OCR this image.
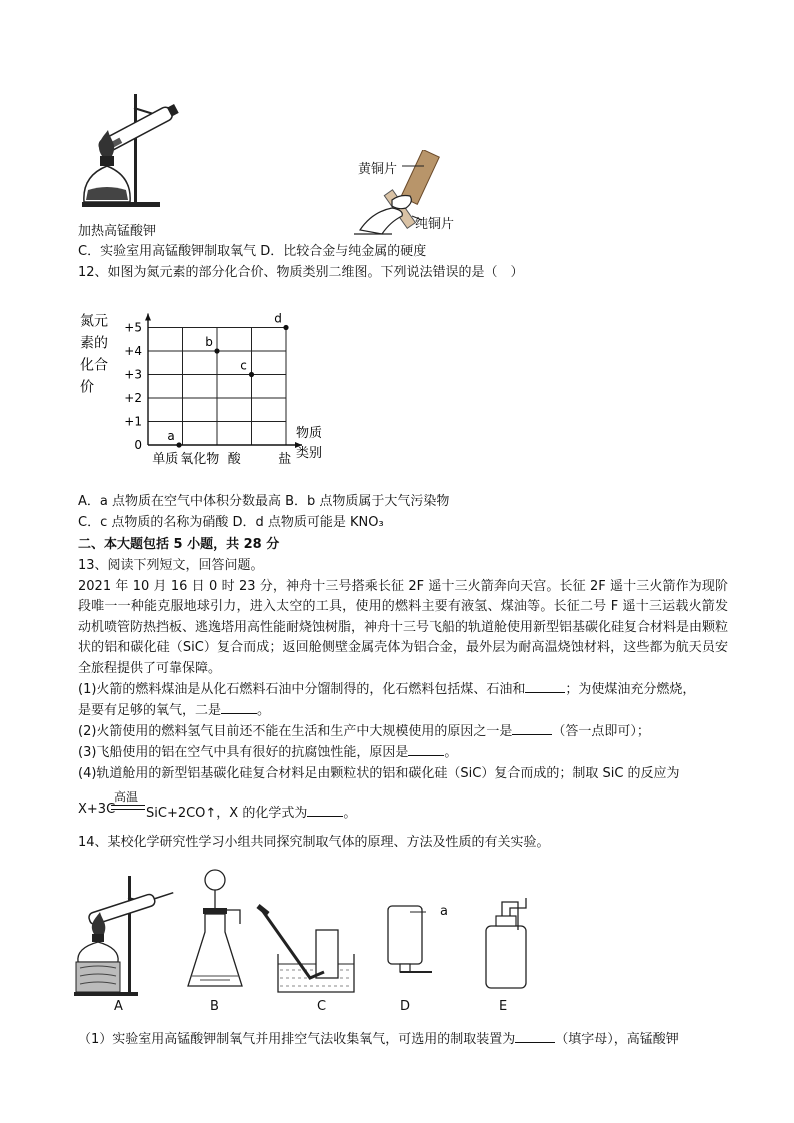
加热高锰酸钾
黄铜片
纯铜片
C．实验室用高锰酸钾制取氧气 D．比较合金与纯金属的硬度
12、如图为氮元素的部分化合价、物质类别二维图。下列说法错误的是（　）
0
+1
+2
+3
+4
+5
单质 氧化物 酸	盐
氮元
素的
化合
价
物质
类别
a
b
c
d
A．a 点物质在空气中体积分数最高 B．b 点物质属于大气污染物
C．c 点物质的名称为硝酸 D．d 点物质可能是 KNO₃
二、本大题包括 5 小题，共 28 分
13、阅读下列短文，回答问题。
2021 年 10 月 16 日 0 时 23 分，神舟十三号搭乘长征 2F 遥十三火箭奔向天宫。长征 2F 遥十三火箭作为现阶段唯一一种能克服地球引力，进入太空的工具，使用的燃料主要有液氢、煤油等。长征二号 F 遥十三运载火箭发动机喷管防热挡板、逃逸塔用高性能耐烧蚀树脂，神舟十三号飞船的轨道舱使用新型铝基碳化硅复合材料是由颗粒状的铝和碳化硅（SiC）复合而成；返回舱侧壁金属壳体为铝合金，最外层为耐高温烧蚀材料，这些都为航天员安全旅程提供了可靠保障。
(1)火箭的燃料煤油是从化石燃料石油中分馏制得的，化石燃料包括煤、石油和	；为使煤油充分燃烧，
是要有足够的氧气，二是	。
(2)火箭使用的燃料氢气目前还不能在生活和生产中大规模使用的原因之一是	（答一点即可）；
(3)飞船使用的铝在空气中具有很好的抗腐蚀性能，原因是	。
(4)轨道舱用的新型铝基碳化硅复合材料足由颗粒状的铝和碳化硅（SiC）复合而成的；制取 SiC 的反应为
X+3C
高温
SiC+2CO↑，X 的化学式为	。
14、某校化学研究性学习小组共同探究制取气体的原理、方法及性质的有关实验。
A	B	C	D	E
a
（1）实验室用高锰酸钾制氧气并用排空气法收集氧气，可选用的制取装置为	（填字母），高锰酸钾
